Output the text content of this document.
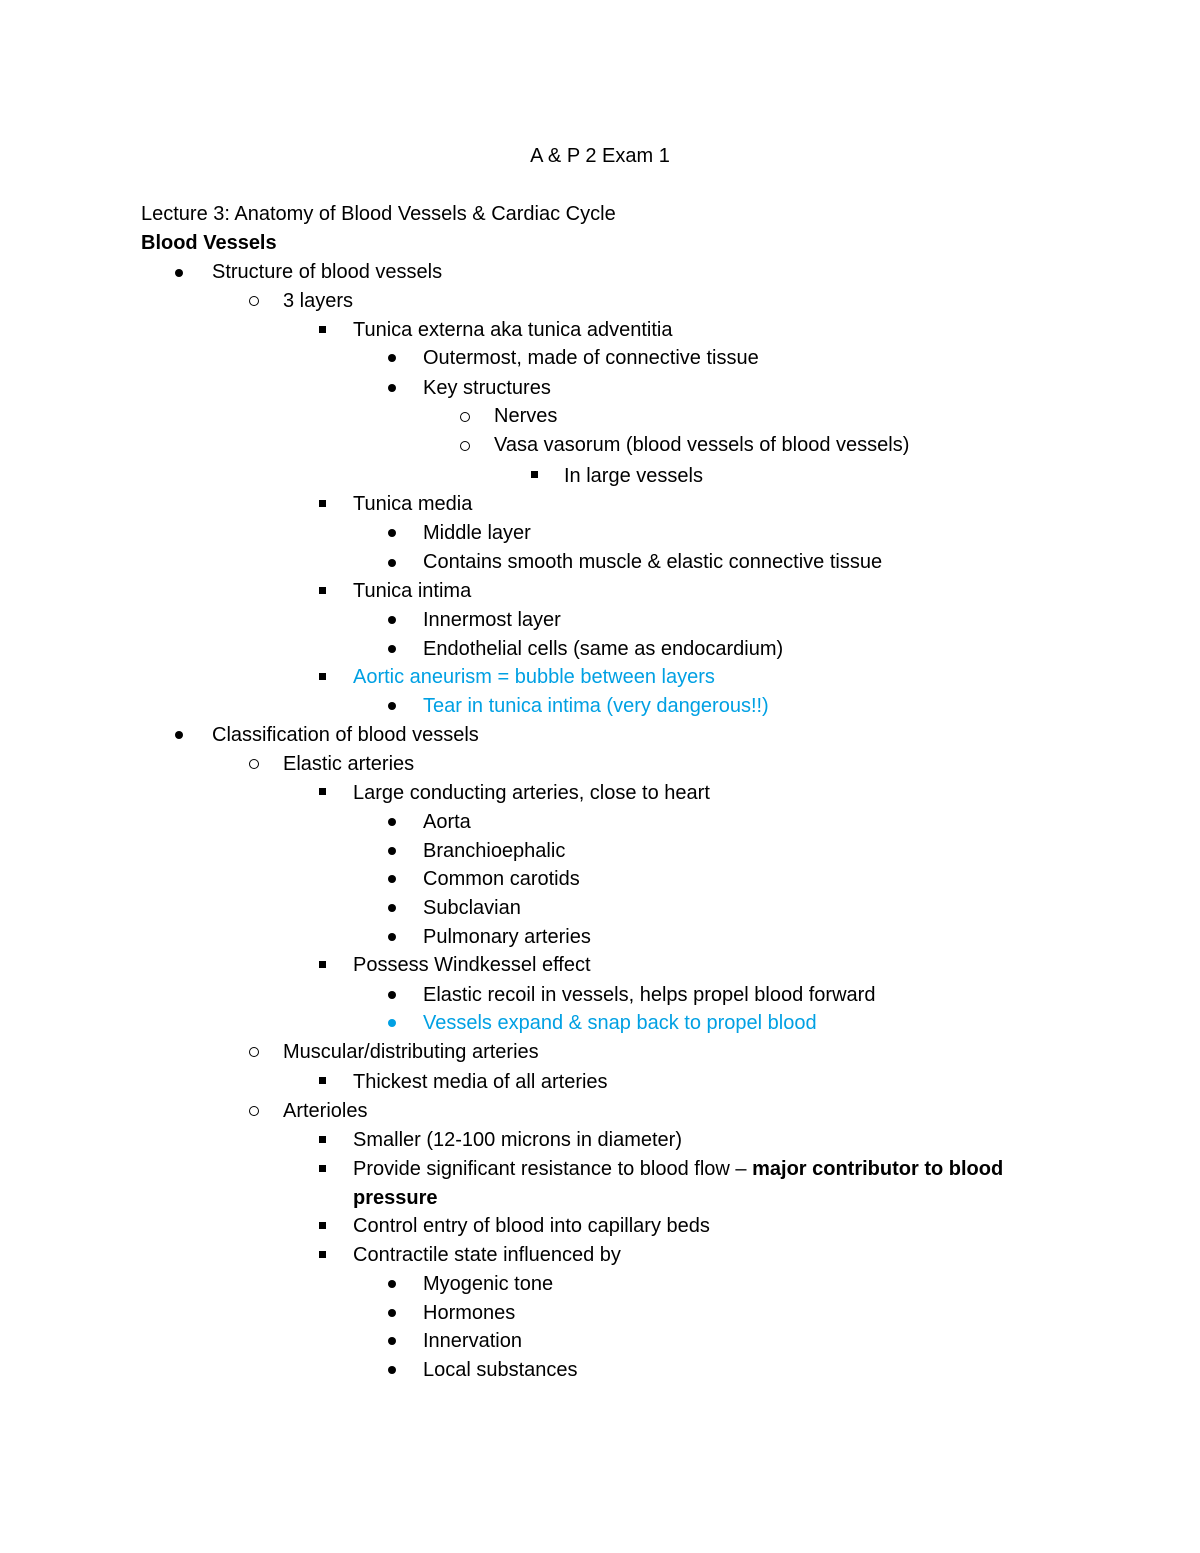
A & P 2 Exam 1
Lecture 3: Anatomy of Blood Vessels & Cardiac Cycle
Blood Vessels
Structure of blood vessels
3 layers
Tunica externa aka tunica adventitia
Outermost, made of connective tissue
Key structures
Nerves
Vasa vasorum (blood vessels of blood vessels)
In large vessels
Tunica media
Middle layer
Contains smooth muscle & elastic connective tissue
Tunica intima
Innermost layer
Endothelial cells (same as endocardium)
Aortic aneurism = bubble between layers
Tear in tunica intima (very dangerous!!)
Classification of blood vessels
Elastic arteries
Large conducting arteries, close to heart
Aorta
Branchioephalic
Common carotids
Subclavian
Pulmonary arteries
Possess Windkessel effect
Elastic recoil in vessels, helps propel blood forward
Vessels expand & snap back to propel blood
Muscular/distributing arteries
Thickest media of all arteries
Arterioles
Smaller (12-100 microns in diameter)
Provide significant resistance to blood flow – major contributor to blood pressure
Control entry of blood into capillary beds
Contractile state influenced by
Myogenic tone
Hormones
Innervation
Local substances
